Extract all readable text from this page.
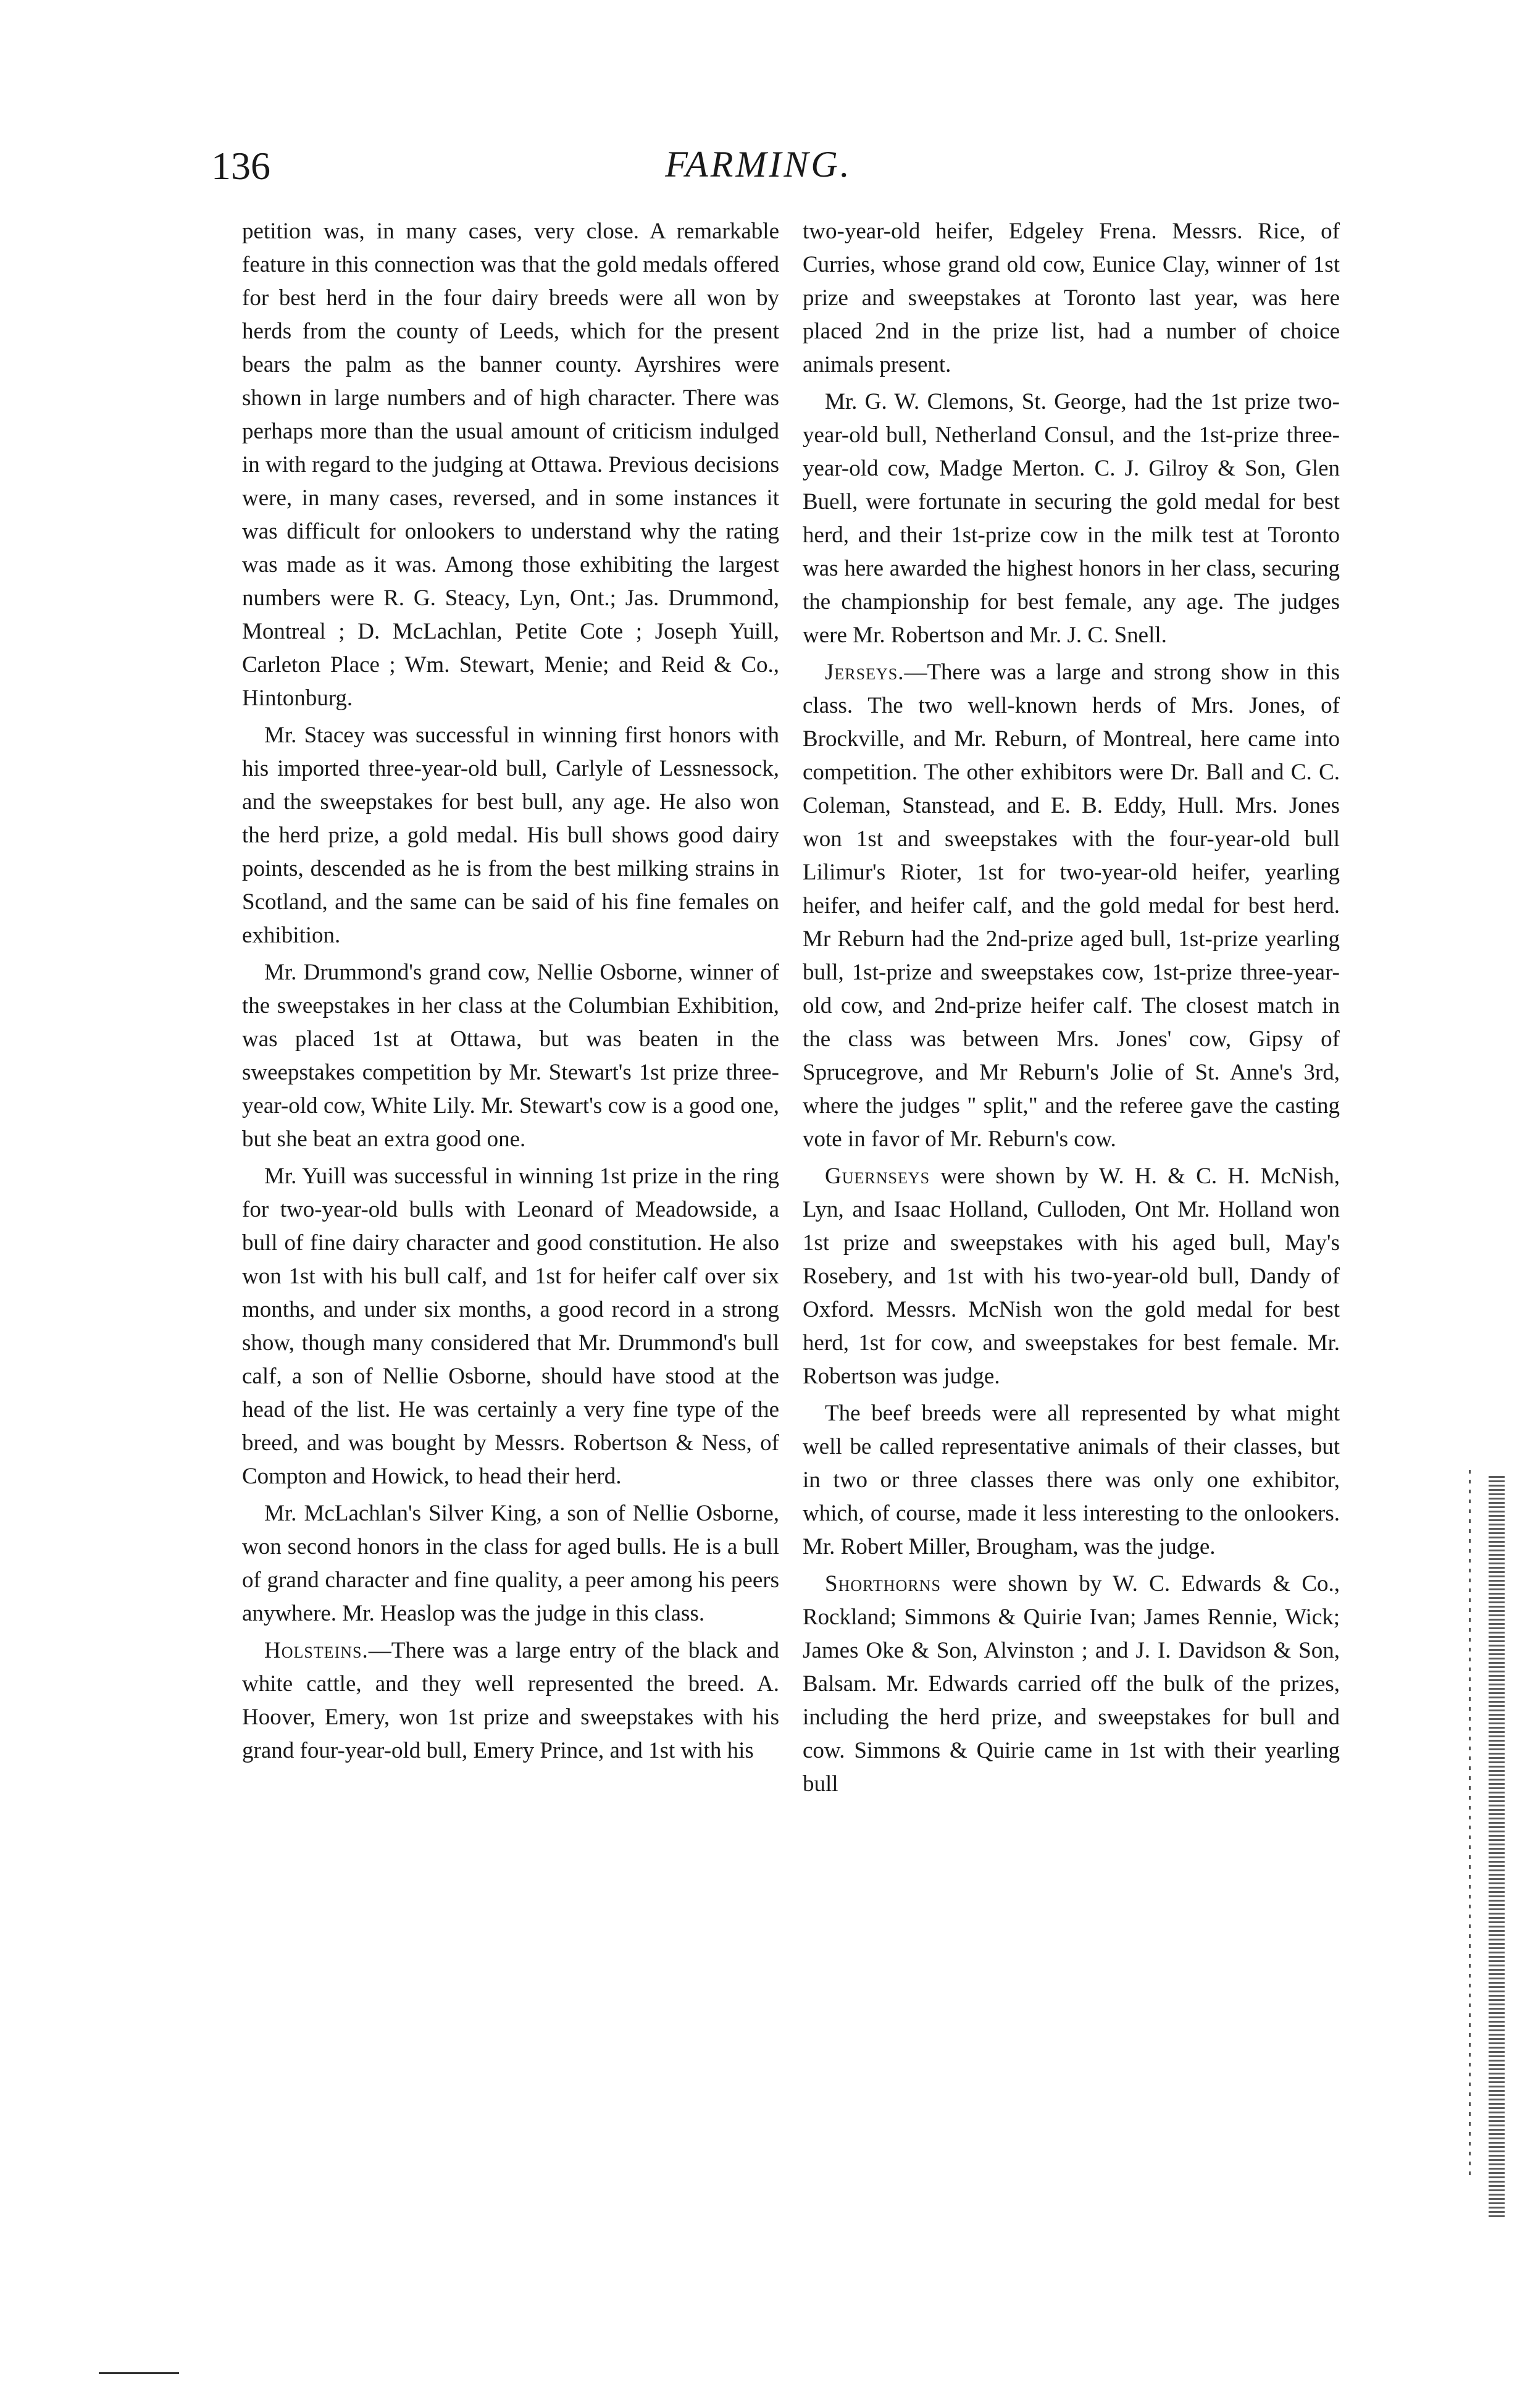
136	FARMING.

petition was, in many cases, very close. A remarkable feature in this connection was that the gold medals offered for best herd in the four dairy breeds were all won by herds from the county of Leeds, which for the present bears the palm as the banner county. Ayrshires were shown in large numbers and of high character. There was perhaps more than the usual amount of criticism indulged in with regard to the judging at Ottawa. Previous decisions were, in many cases, reversed, and in some instances it was difficult for onlookers to understand why the rating was made as it was. Among those exhibiting the largest numbers were R. G. Steacy, Lyn, Ont.; Jas. Drummond, Montreal ; D. McLachlan, Petite Cote ; Joseph Yuill, Carleton Place ; Wm. Stewart, Menie; and Reid & Co., Hintonburg.

Mr. Stacey was successful in winning first honors with his imported three-year-old bull, Carlyle of Lessnessock, and the sweepstakes for best bull, any age. He also won the herd prize, a gold medal. His bull shows good dairy points, descended as he is from the best milking strains in Scotland, and the same can be said of his fine females on exhibition.

Mr. Drummond's grand cow, Nellie Osborne, winner of the sweepstakes in her class at the Columbian Exhibition, was placed 1st at Ottawa, but was beaten in the sweepstakes competition by Mr. Stewart's 1st prize three-year-old cow, White Lily. Mr. Stewart's cow is a good one, but she beat an extra good one.

Mr. Yuill was successful in winning 1st prize in the ring for two-year-old bulls with Leonard of Meadowside, a bull of fine dairy character and good constitution. He also won 1st with his bull calf, and 1st for heifer calf over six months, and under six months, a good record in a strong show, though many considered that Mr. Drummond's bull calf, a son of Nellie Osborne, should have stood at the head of the list. He was certainly a very fine type of the breed, and was bought by Messrs. Robertson & Ness, of Compton and Howick, to head their herd.

Mr. McLachlan's Silver King, a son of Nellie Osborne, won second honors in the class for aged bulls. He is a bull of grand character and fine quality, a peer among his peers anywhere. Mr. Heaslop was the judge in this class.

Holsteins.—There was a large entry of the black and white cattle, and they well represented the breed. A. Hoover, Emery, won 1st prize and sweepstakes with his grand four-year-old bull, Emery Prince, and 1st with his

two-year-old heifer, Edgeley Frena. Messrs. Rice, of Curries, whose grand old cow, Eunice Clay, winner of 1st prize and sweepstakes at Toronto last year, was here placed 2nd in the prize list, had a number of choice animals present.

Mr. G. W. Clemons, St. George, had the 1st prize two-year-old bull, Netherland Consul, and the 1st-prize three-year-old cow, Madge Merton. C. J. Gilroy & Son, Glen Buell, were fortunate in securing the gold medal for best herd, and their 1st-prize cow in the milk test at Toronto was here awarded the highest honors in her class, securing the championship for best female, any age. The judges were Mr. Robertson and Mr. J. C. Snell.

Jerseys.—There was a large and strong show in this class. The two well-known herds of Mrs. Jones, of Brockville, and Mr. Reburn, of Montreal, here came into competition. The other exhibitors were Dr. Ball and C. C. Coleman, Stanstead, and E. B. Eddy, Hull. Mrs. Jones won 1st and sweepstakes with the four-year-old bull Lilimur's Rioter, 1st for two-year-old heifer, yearling heifer, and heifer calf, and the gold medal for best herd. Mr Reburn had the 2nd-prize aged bull, 1st-prize yearling bull, 1st-prize and sweepstakes cow, 1st-prize three-year-old cow, and 2nd-prize heifer calf. The closest match in the class was between Mrs. Jones' cow, Gipsy of Sprucegrove, and Mr Reburn's Jolie of St. Anne's 3rd, where the judges " split," and the referee gave the casting vote in favor of Mr. Reburn's cow.

Guernseys were shown by W. H. & C. H. McNish, Lyn, and Isaac Holland, Culloden, Ont Mr. Holland won 1st prize and sweepstakes with his aged bull, May's Rosebery, and 1st with his two-year-old bull, Dandy of Oxford. Messrs. McNish won the gold medal for best herd, 1st for cow, and sweepstakes for best female. Mr. Robertson was judge.

The beef breeds were all represented by what might well be called representative animals of their classes, but in two or three classes there was only one exhibitor, which, of course, made it less interesting to the onlookers. Mr. Robert Miller, Brougham, was the judge.

Shorthorns were shown by W. C. Edwards & Co., Rockland; Simmons & Quirie Ivan; James Rennie, Wick; James Oke & Son, Alvinston ; and J. I. Davidson & Son, Balsam. Mr. Edwards carried off the bulk of the prizes, including the herd prize, and sweepstakes for bull and cow. Simmons & Quirie came in 1st with their yearling bull
